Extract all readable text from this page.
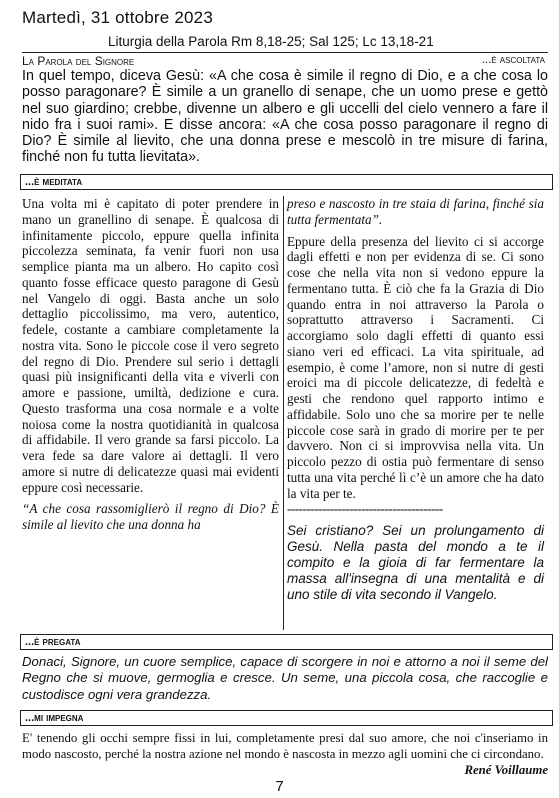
Martedì, 31 ottobre 2023
Liturgia della Parola Rm 8,18-25; Sal 125; Lc 13,18-21
La Parola del Signore	...è ascoltata
In quel tempo, diceva Gesù: «A che cosa è simile il regno di Dio, e a che cosa lo posso paragonare? È simile a un granello di senape, che un uomo prese e gettò nel suo giardino; crebbe, divenne un albero e gli uccelli del cielo vennero a fare il nido fra i suoi rami». E disse ancora: «A che cosa posso paragonare il regno di Dio? È simile al lievito, che una donna prese e mescolò in tre misure di farina, finché non fu tutta lievitata».
...è meditata

Una volta mi è capitato di poter prendere in mano un granellino di senape. È qualcosa di infinitamente piccolo, eppure quella infinita piccolezza seminata, fa venir fuori non usa semplice pianta ma un albero. Ho capito così quanto fosse efficace questo paragone di Gesù nel Vangelo di oggi. Basta anche un solo dettaglio piccolissimo, ma vero, autentico, fedele, costante a cambiare completamente la nostra vita. Sono le piccole cose il vero segreto del regno di Dio. Prendere sul serio i dettagli quasi più insignificanti della vita e viverli con amore e passione, umiltà, dedizione e cura. Questo trasforma una cosa normale e a volte noiosa come la nostra quotidianità in qualcosa di affidabile. Il vero grande sa farsi piccolo. La vera fede sa dare valore ai dettagli. Il vero amore si nutre di delicatezze quasi mai evidenti eppure così necessarie.

“A che cosa rassomiglierò il regno di Dio? È simile al lievito che una donna ha

preso e nascosto in tre staia di farina, finché sia tutta fermentata”.

Eppure della presenza del lievito ci si accorge dagli effetti e non per evidenza di se. Ci sono cose che nella vita non si vedono eppure la fermentano tutta. È ciò che fa la Grazia di Dio quando entra in noi attraverso la Parola o soprattutto attraverso i Sacramenti. Ci accorgiamo solo dagli effetti di quanto essi siano veri ed efficaci. La vita spirituale, ad esempio, è come l’amore, non si nutre di gesti eroici ma di piccole delicatezze, di fedeltà e gesti che rendono quel rapporto intimo e affidabile. Solo uno che sa morire per te nelle piccole cose sarà in grado di morire per te per davvero. Non ci si improvvisa nella vita. Un piccolo pezzo di ostia può fermentare di senso tutta una vita perché lì c’è un amore che ha dato la vita per te.

----------------------------------------

Sei cristiano? Sei un prolungamento di Gesù. Nella pasta del mondo a te il compito e la gioia di far fermentare la massa all'insegna di una mentalità e di uno stile di vita secondo il Vangelo.

...è pregata
Donaci, Signore, un cuore semplice, capace di scorgere in noi e attorno a noi il seme del Regno che si muove, germoglia e cresce. Un seme, una piccola cosa, che raccoglie e custodisce ogni vera grandezza.
...mi impegna
E' tenendo gli occhi sempre fissi in lui, completamente presi dal suo amore, che noi c'inseriamo in modo nascosto, perché la nostra azione nel mondo è nascosta in mezzo agli uomini che ci circondano.
René Voillaume
7
